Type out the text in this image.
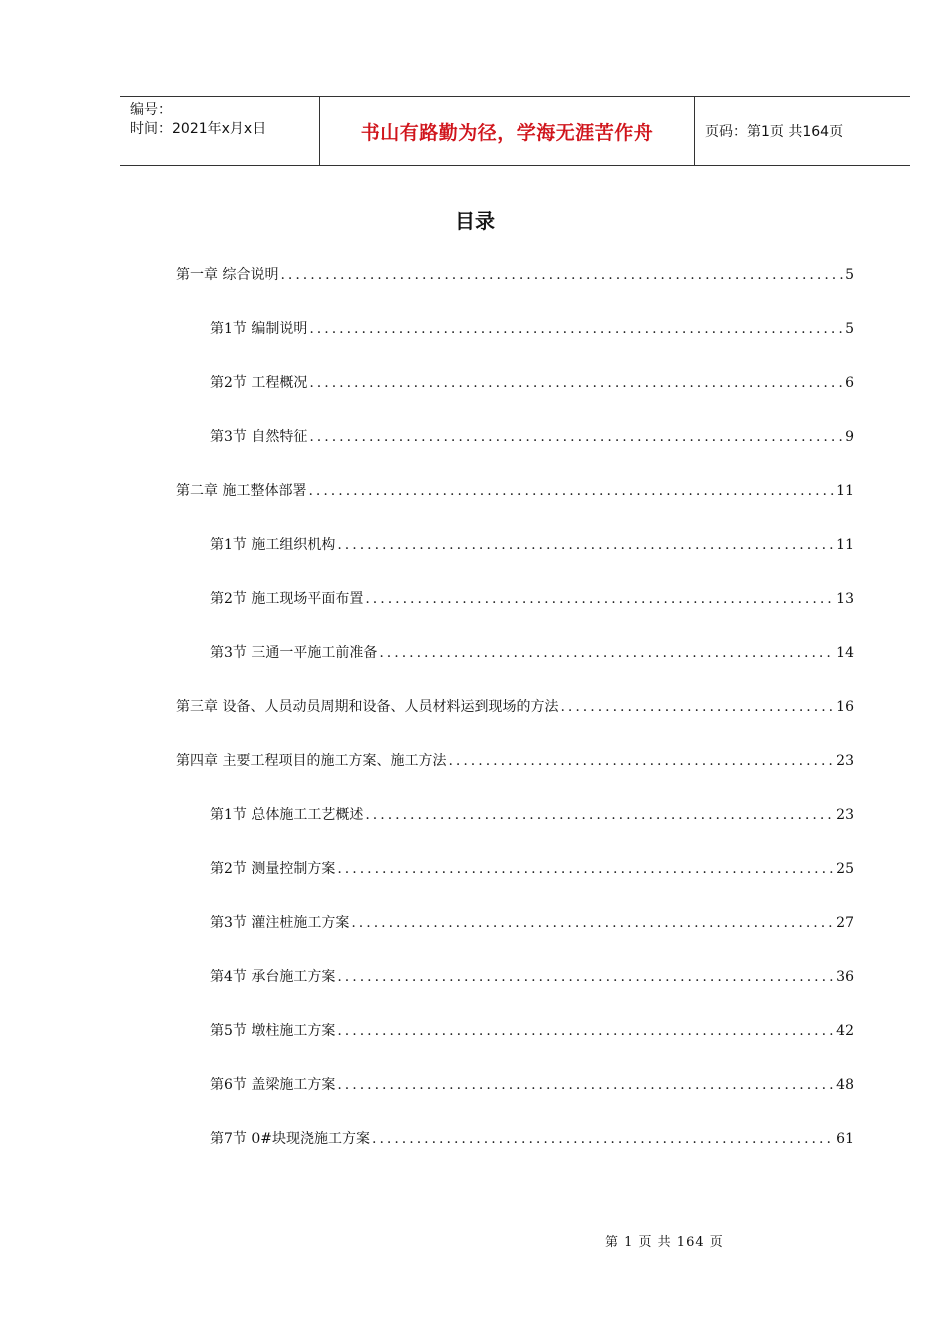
编号：
时间：2021年x月x日	书山有路勤为径，学海无涯苦作舟	页码：第1页 共164页
目录
第一章 综合说明 .....	5
第1节 编制说明 .....	5
第2节 工程概况 .....	6
第3节 自然特征 .....	9
第二章 施工整体部署 .....	11
第1节 施工组织机构 .....	11
第2节 施工现场平面布置 .....	13
第3节 三通一平施工前准备 .....	14
第三章 设备、人员动员周期和设备、人员材料运到现场的方法 .....	16
第四章 主要工程项目的施工方案、施工方法 .....	23
第1节 总体施工工艺概述 .....	23
第2节 测量控制方案 .....	25
第3节 灌注桩施工方案 .....	27
第4节 承台施工方案 .....	36
第5节 墩柱施工方案 .....	42
第6节 盖梁施工方案 .....	48
第7节 0#块现浇施工方案 .....	61
第 1 页 共 164 页
